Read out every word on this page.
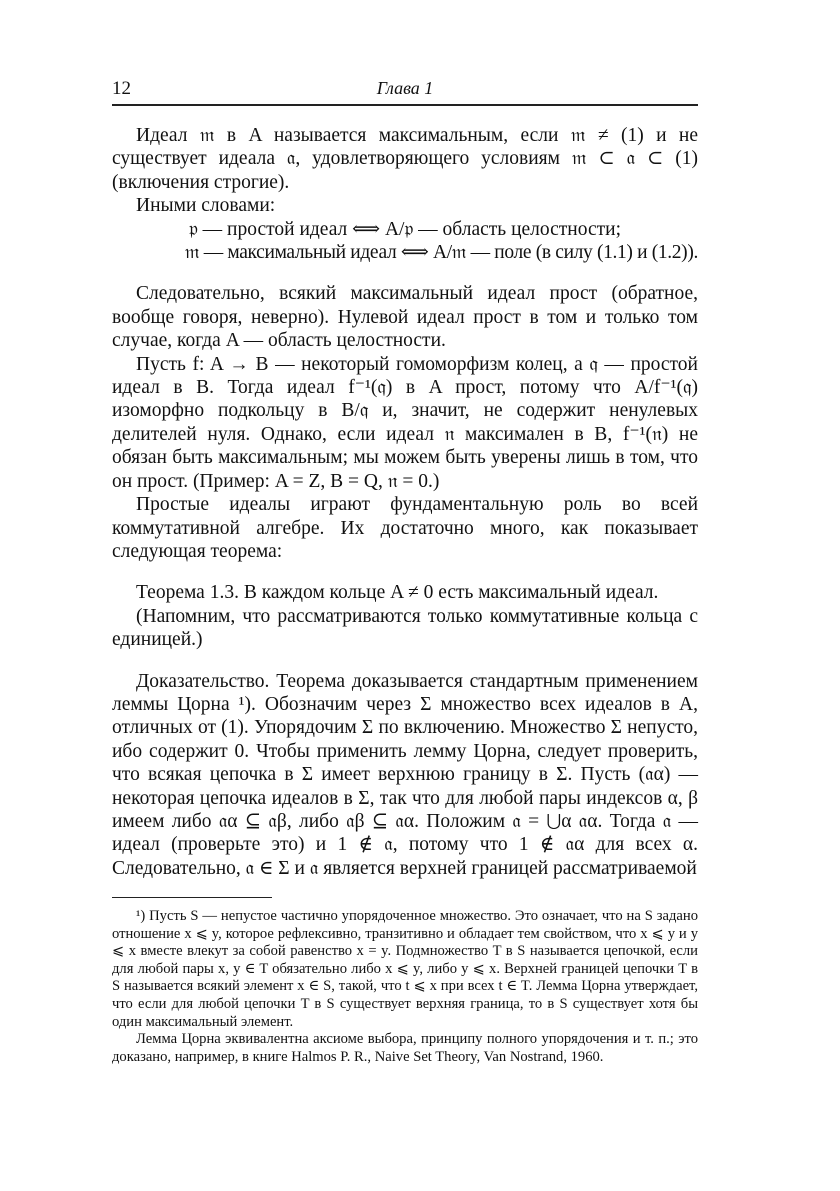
12	Глава 1

Идеал 𝔪 в A называется максимальным, если 𝔪 ≠ (1) и не существует идеала 𝔞, удовлетворяющего условиям 𝔪 ⊂ 𝔞 ⊂ (1) (включения строгие).

Иными словами:

𝔭 — простой идеал ⟺ A/𝔭 — область целостности;

𝔪 — максимальный идеал ⟺ A/𝔪 — поле (в силу (1.1) и (1.2)).

Следовательно, всякий максимальный идеал прост (обратное, вообще говоря, неверно). Нулевой идеал прост в том и только том случае, когда A — область целостности.

Пусть f: A → B — некоторый гомоморфизм колец, а 𝔮 — простой идеал в B. Тогда идеал f⁻¹(𝔮) в A прост, потому что A/f⁻¹(𝔮) изоморфно подкольцу в B/𝔮 и, значит, не содержит ненулевых делителей нуля. Однако, если идеал 𝔫 максимален в B, f⁻¹(𝔫) не обязан быть максимальным; мы можем быть уверены лишь в том, что он прост. (Пример: A = Z, B = Q, 𝔫 = 0.)

Простые идеалы играют фундаментальную роль во всей коммутативной алгебре. Их достаточно много, как показывает следующая теорема:

Теорема 1.3. В каждом кольце A ≠ 0 есть максимальный идеал.

(Напомним, что рассматриваются только коммутативные кольца с единицей.)

Доказательство. Теорема доказывается стандартным применением леммы Цорна ¹). Обозначим через Σ множество всех идеалов в A, отличных от (1). Упорядочим Σ по включению. Множество Σ непусто, ибо содержит 0. Чтобы применить лемму Цорна, следует проверить, что всякая цепочка в Σ имеет верхнюю границу в Σ. Пусть (𝔞α) — некоторая цепочка идеалов в Σ, так что для любой пары индексов α, β имеем либо 𝔞α ⊆ 𝔞β, либо 𝔞β ⊆ 𝔞α. Положим 𝔞 = ⋃α 𝔞α. Тогда 𝔞 — идеал (проверьте это) и 1 ∉ 𝔞, потому что 1 ∉ 𝔞α для всех α. Следовательно, 𝔞 ∈ Σ и 𝔞 является верхней границей рассматриваемой

¹) Пусть S — непустое частично упорядоченное множество. Это означает, что на S задано отношение x ⩽ y, которое рефлексивно, транзитивно и обладает тем свойством, что x ⩽ y и y ⩽ x вместе влекут за собой равенство x = y. Подмножество T в S называется цепочкой, если для любой пары x, y ∈ T обязательно либо x ⩽ y, либо y ⩽ x. Верхней границей цепочки T в S называется всякий элемент x ∈ S, такой, что t ⩽ x при всех t ∈ T. Лемма Цорна утверждает, что если для любой цепочки T в S существует верхняя граница, то в S существует хотя бы один максимальный элемент.

Лемма Цорна эквивалентна аксиоме выбора, принципу полного упорядочения и т. п.; это доказано, например, в книге Halmos P. R., Naive Set Theory, Van Nostrand, 1960.
